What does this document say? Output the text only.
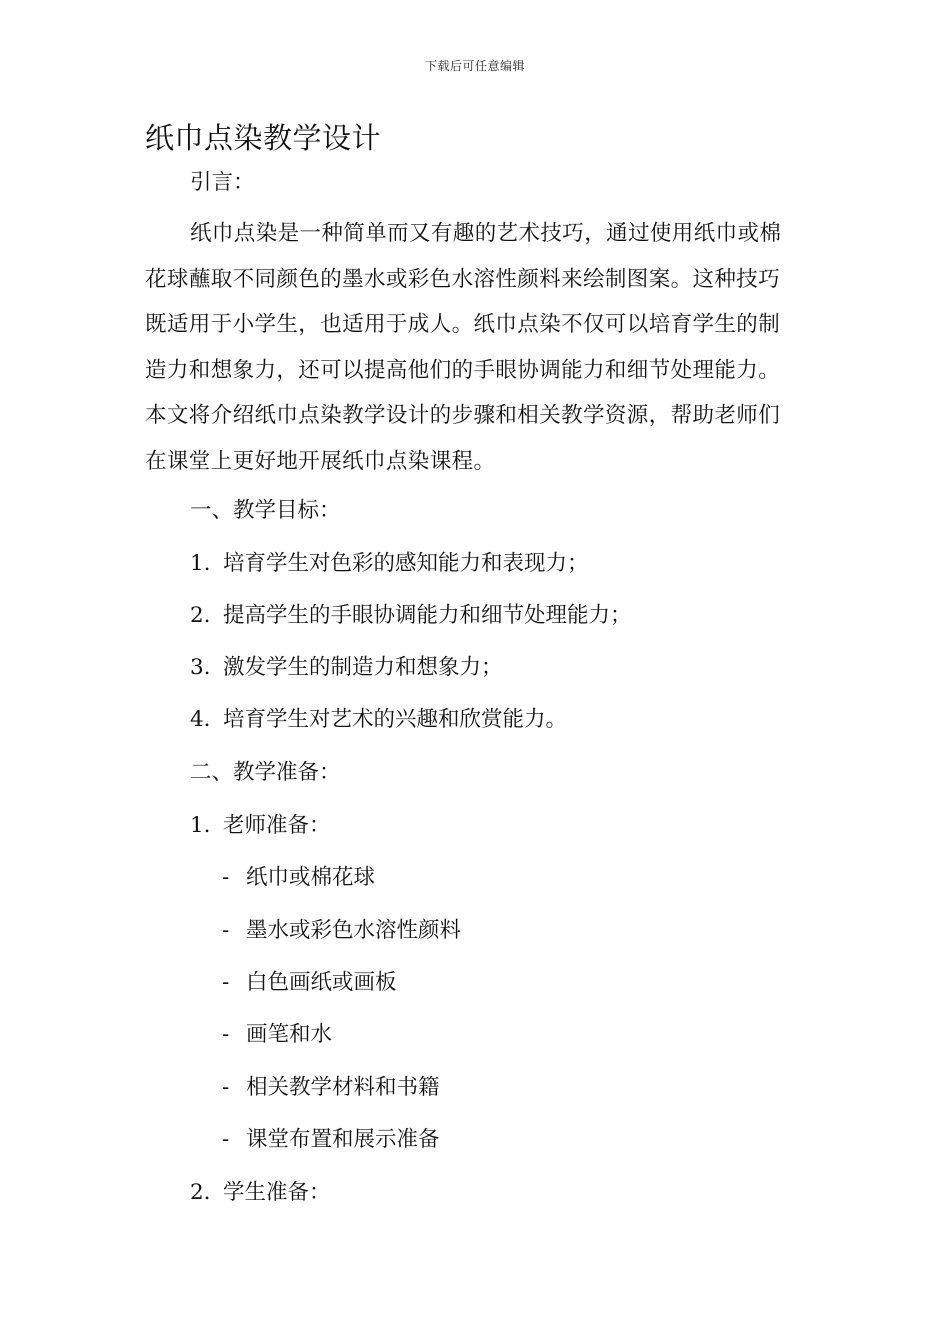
下载后可任意编辑
纸巾点染教学设计
引言：
纸巾点染是一种简单而又有趣的艺术技巧，通过使用纸巾或棉
花球蘸取不同颜色的墨水或彩色水溶性颜料来绘制图案。这种技巧
既适用于小学生，也适用于成人。纸巾点染不仅可以培育学生的制
造力和想象力，还可以提高他们的手眼协调能力和细节处理能力。
本文将介绍纸巾点染教学设计的步骤和相关教学资源，帮助老师们
在课堂上更好地开展纸巾点染课程。
一、教学目标：
1. 培育学生对色彩的感知能力和表现力；
2. 提高学生的手眼协调能力和细节处理能力；
3. 激发学生的制造力和想象力；
4. 培育学生对艺术的兴趣和欣赏能力。
二、教学准备：
1. 老师准备：
- 纸巾或棉花球
- 墨水或彩色水溶性颜料
- 白色画纸或画板
- 画笔和水
- 相关教学材料和书籍
- 课堂布置和展示准备
2. 学生准备：
